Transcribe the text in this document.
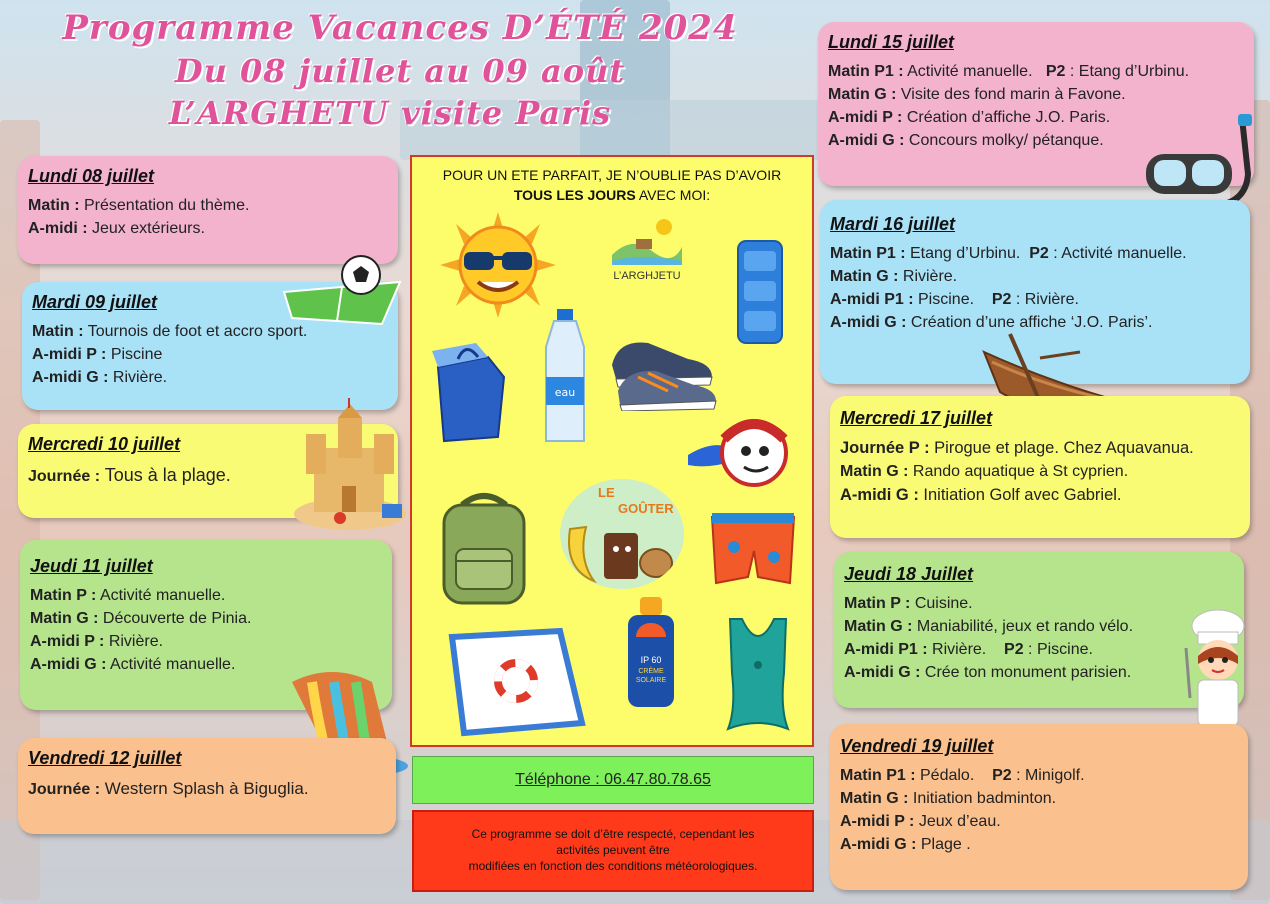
Programme Vacances D’ÉTÉ 2024
Du 08 juillet au 09 août
L’ARGHETU visite Paris
Lundi 08 juillet
Matin : Présentation du thème.
A-midi : Jeux extérieurs.
Mardi 09 juillet
Matin : Tournois de foot et accro sport.
A-midi P : Piscine
A-midi G : Rivière.
Mercredi 10 juillet
Journée : Tous à la plage.
Jeudi 11 juillet
Matin P : Activité manuelle.
Matin G : Découverte de Pinia.
A-midi P : Rivière.
A-midi G : Activité manuelle.
Vendredi 12 juillet
Journée : Western Splash à Biguglia.
POUR UN ETE PARFAIT, JE N’OUBLIE PAS D’AVOIR
TOUS LES JOURS AVEC MOI:
L’ARGHJETU
eau
LE
GOÛTER
IP 60
CRÈME SOLAIRE
Téléphone : 06.47.80.78.65
Ce programme se doit d’être respecté, cependant les
activités peuvent être
modifiées en fonction des conditions météorologiques.
Lundi 15 juillet
Matin P1 : Activité manuelle.   P2 : Etang d’Urbinu.
Matin G : Visite des fond marin à Favone.
A-midi P : Création d’affiche J.O. Paris.
A-midi G : Concours molky/ pétanque.
Mardi 16 juillet
Matin P1 : Etang d’Urbinu.  P2 : Activité manuelle.
Matin G : Rivière.
A-midi P1 : Piscine.    P2 : Rivière.
A-midi G : Création d’une affiche ‘J.O. Paris’.
Mercredi 17 juillet
Journée P : Pirogue et plage. Chez Aquavanua.
Matin G : Rando aquatique à St cyprien.
A-midi G : Initiation Golf avec Gabriel.
Jeudi 18 Juillet
Matin P : Cuisine.
Matin G : Maniabilité, jeux et rando vélo.
A-midi P1 : Rivière.    P2 : Piscine.
A-midi G : Crée ton monument parisien.
Vendredi 19 juillet
Matin P1 : Pédalo.    P2 : Minigolf.
Matin G : Initiation badminton.
A-midi P : Jeux d’eau.
A-midi G : Plage .
